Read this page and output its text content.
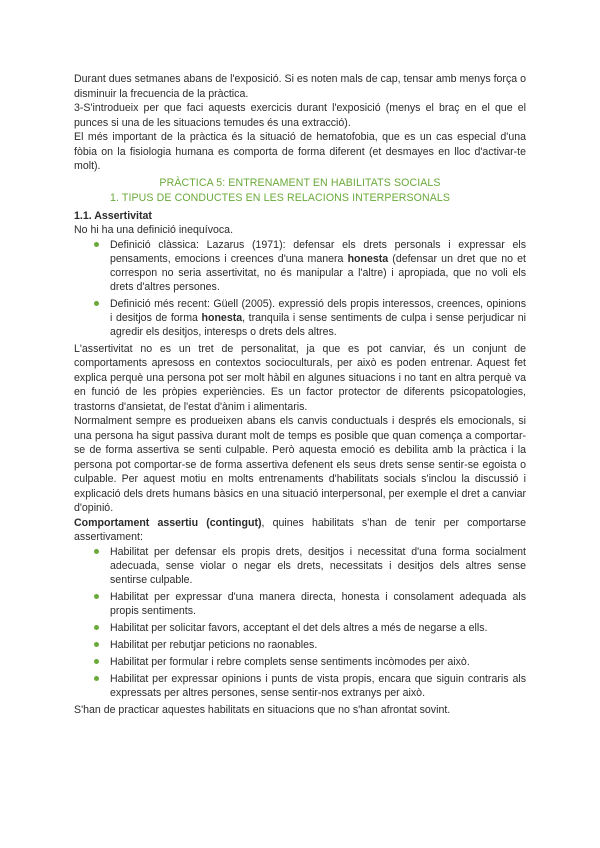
Durant dues setmanes abans de l'exposició. Si es noten mals de cap, tensar amb menys força o disminuir la frecuencia de la pràctica.

3-S'introdueix per que faci aquests exercicis durant l'exposició (menys el braç en el que el punces si una de les situacions temudes és una extracció).

El més important de la pràctica és la situació de hematofobia, que es un cas especial d'una fòbia on la fisiologia humana es comporta de forma diferent (et desmayes en lloc d'activar-te molt).

PRÀCTICA 5: ENTRENAMENT EN HABILITATS SOCIALS

1. TIPUS DE CONDUCTES EN LES RELACIONS INTERPERSONALS

1.1. Assertivitat

No hi ha una definició inequívoca.

Definició clàssica: Lazarus (1971): defensar els drets personals i expressar els pensaments, emocions i creences d'una manera honesta (defensar un dret que no et correspon no seria assertivitat, no és manipular a l'altre) i apropiada, que no voli els drets d'altres persones.
Definició més recent: Güell (2005). expressió dels propis interessos, creences, opinions i desitjos de forma honesta, tranquila i sense sentiments de culpa i sense perjudicar ni agredir els desitjos, interesps o drets dels altres.

L'assertivitat no es un tret de personalitat, ja que es pot canviar, és un conjunt de comportaments apresoss en contextos socioculturals, per això es poden entrenar. Aquest fet explica perquè una persona pot ser molt hàbil en algunes situacions i no tant en altra perquè va en funció de les pròpies experiències. Es un factor protector de diferents psicopatologies, trastorns d'ansietat, de l'estat d'ànim i alimentaris.

Normalment sempre es produeixen abans els canvis conductuals i després els emocionals, si una persona ha sigut passiva durant molt de temps es posible que quan comença a comportar-se de forma assertiva se senti culpable. Però aquesta emoció es debilita amb la pràctica i la persona pot comportar-se de forma assertiva defenent els seus drets sense sentir-se egoista o culpable. Per aquest motiu en molts entrenaments d'habilitats socials s'inclou la discussió i explicació dels drets humans bàsics en una situació interpersonal, per exemple el dret a canviar d'opinió.

Comportament assertiu (contingut), quines habilitats s'han de tenir per comportarse assertivament:

Habilitat per defensar els propis drets, desitjos i necessitat d'una forma socialment adecuada, sense violar o negar els drets, necessitats i desitjos dels altres sense sentirse culpable.
Habilitat per expressar d'una manera directa, honesta i consolament adequada als propis sentiments.
Habilitat per solicitar favors, acceptant el det dels altres a més de negarse a ells.
Habilitat per rebutjar peticions no raonables.
Habilitat per formular i rebre complets sense sentiments incòmodes per això.
Habilitat per expressar opinions i punts de vista propis, encara que siguin contraris als expressats per altres persones, sense sentir-nos extranys per això.

S'han de practicar aquestes habilitats en situacions que no s'han afrontat sovint.
